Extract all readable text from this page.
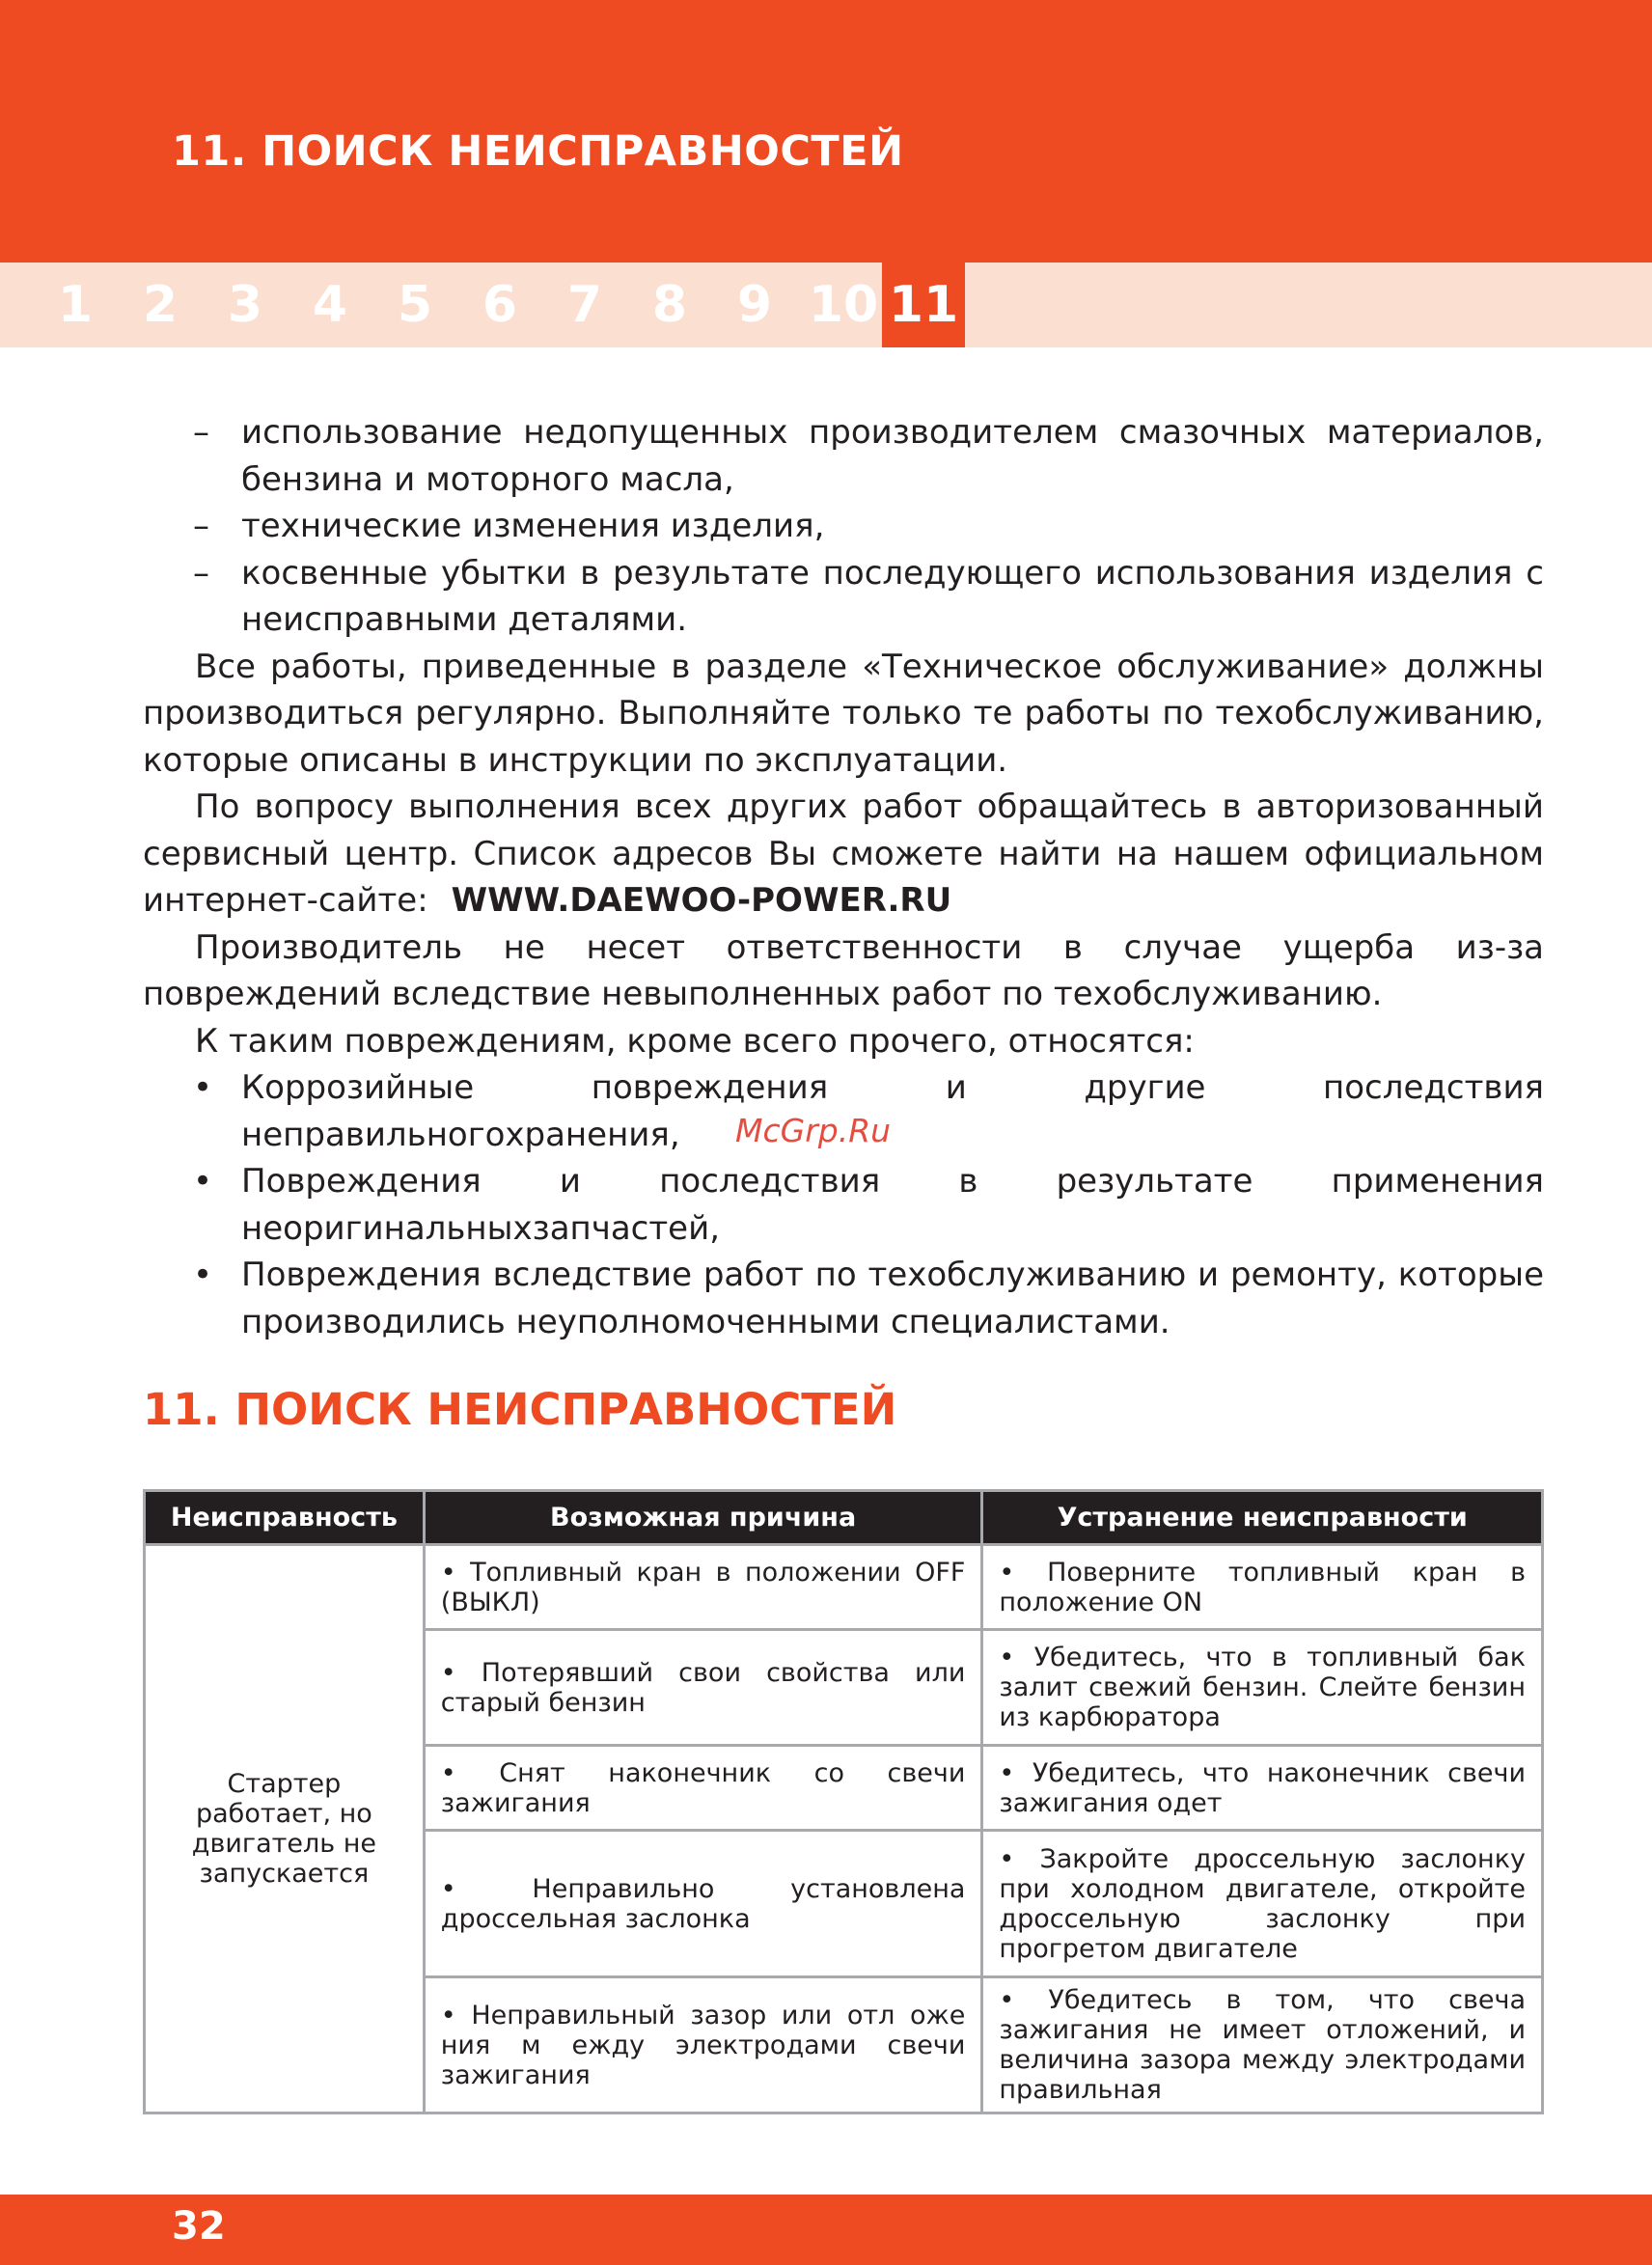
11. ПОИСК НЕИСПРАВНОСТЕЙ
1 2 3 4 5 6 7 8 9 10 11

– использование недопущенных производителем смазочных материалов, бензина и моторного масла,

– технические изменения изделия,

– косвенные убытки в результате последующего использования изделия с неисправными деталями.

Все работы, приведенные в разделе «Техническое обслуживание» должны производиться регулярно. Выполняйте только те работы по техобслуживанию, которые описаны в инструкции по эксплуатации.

По вопросу выполнения всех других работ обращайтесь в авторизованный сервисный центр. Список адресов Вы сможете найти на нашем официальном интернет-сайте: WWW.DAEWOO-POWER.RU

Производитель не несет ответственности в случае ущерба из-за повреждений вследствие невыполненных работ по техобслуживанию.

К таким повреждениям, кроме всего прочего, относятся:

• Коррозийные повреждения и другие последствия неправильногохранения,

• Повреждения и последствия в результате применения неоригинальныхзапчастей,

• Повреждения вследствие работ по техобслуживанию и ремонту, которые производились неуполномоченными специалистами.

McGrp.Ru
11. ПОИСК НЕИСПРАВНОСТЕЙ
Неисправность	Возможная причина	Устранение неисправности
Стартер работает, но двигатель не запускается	• Топливный кран в положении OFF (ВЫКЛ)	• Поверните топливный кран в положение ON
	• Потерявший свои свойства или старый бензин	• Убедитесь, что в топливный бак залит свежий бензин. Слейте бензин из карбюратора
	• Снят наконечник со свечи зажигания	• Убедитесь, что наконечник свечи зажигания одет
	• Неправильно установлена дроссельная заслонка	• Закройте дроссельную заслонку при холодном двигателе, откройте дроссельную заслонку при прогретом двигателе
	• Неправильный зазор или отл оже ния м ежду электродами свечи зажигания	• Убедитесь в том, что свеча зажигания не имеет отложений, и величина зазора между электродами правильная
32
